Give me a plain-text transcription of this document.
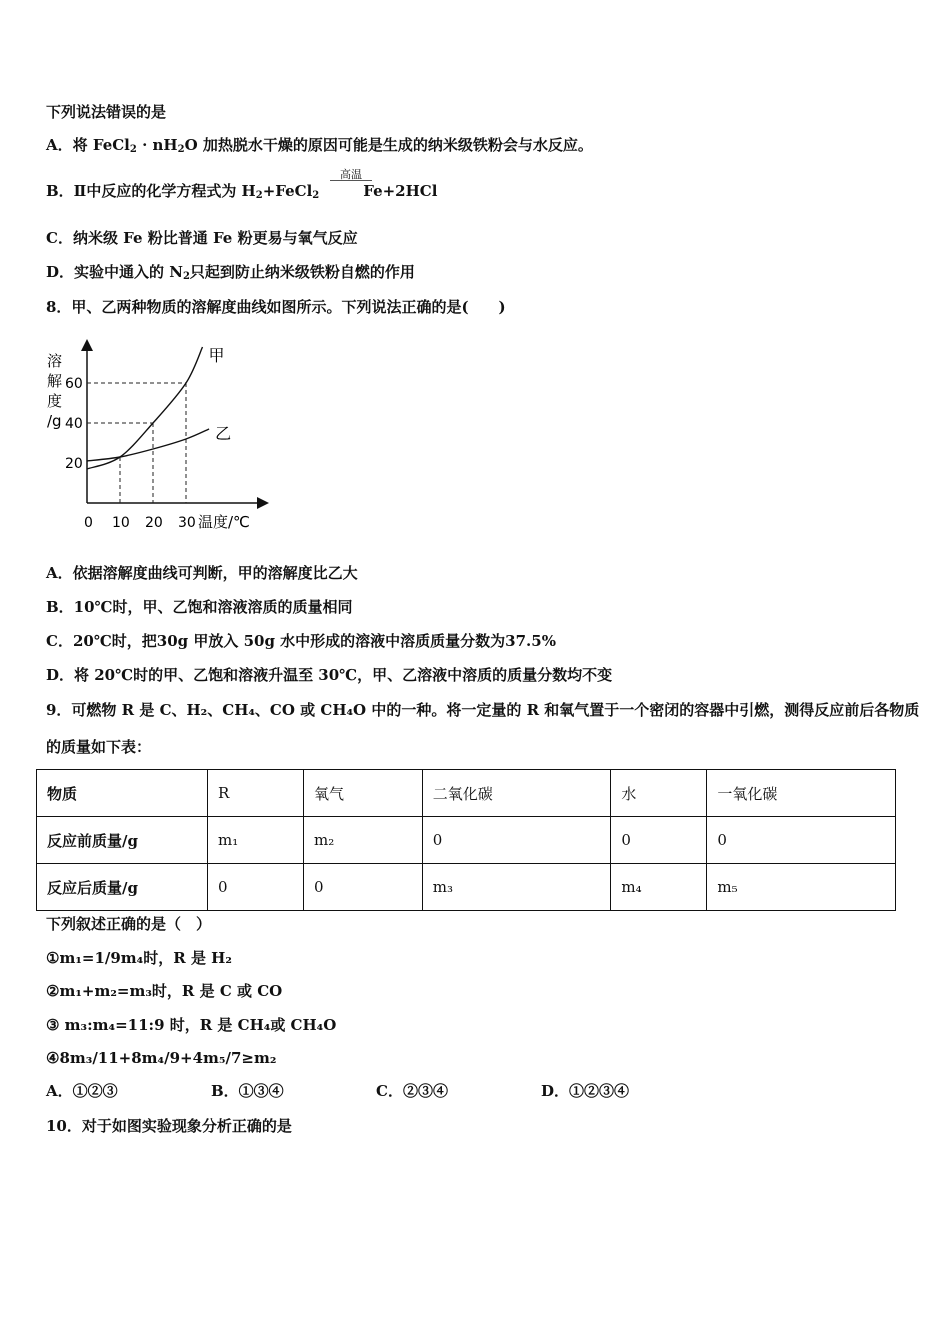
下列说法错误的是
A．将 FeCl$_2$ · $nH_2O$ 加热脱水干燥的原因可能是生成的纳米级铁粉会与水反应。
B．Ⅱ中反应的化学方程式为 $H_2+FeCl_2$	Fe+2HCl
高温
C．纳米级 Fe 粉比普通 Fe 粉更易与氧气反应
D．实验中通入的 $N_2$只起到防止纳米级铁粉自燃的作用
8．甲、乙两种物质的溶解度曲线如图所示。下列说法正确的是(　　)
溶
解
度
/g
20
40
60
0 10 20 30 温度/℃
甲
乙
A．依据溶解度曲线可判断，甲的溶解度比乙大
B．10℃时，甲、乙饱和溶液溶质的质量相同
C．20℃时，把30g 甲放入 50g 水中形成的溶液中溶质质量分数为37.5%
D．将 20℃时的甲、乙饱和溶液升温至 30℃，甲、乙溶液中溶质的质量分数均不变
9．可燃物 R 是 C、H₂、CH₄、CO 或 CH₄O 中的一种。将一定量的 R 和氧气置于一个密闭的容器中引燃，测得反应前后各物质
的质量如下表：
物质	R	氧气	二氧化碳	水	一氧化碳
反应前质量/g	m₁	m₂	0	0	0
反应后质量/g	0	0	m₃	m₄	m₅
下列叙述正确的是（　）
①m₁=1/9m₄时，R 是 H₂
②m₁+m₂=m₃时，R 是 C 或 CO
③ m₃:m₄=11:9 时，R 是 CH₄或 CH₄O
④8m₃/11+8m₄/9+4m₅/7≥m₂
A．①②③	B．①③④	C．②③④	D．①②③④
10．对于如图实验现象分析正确的是
